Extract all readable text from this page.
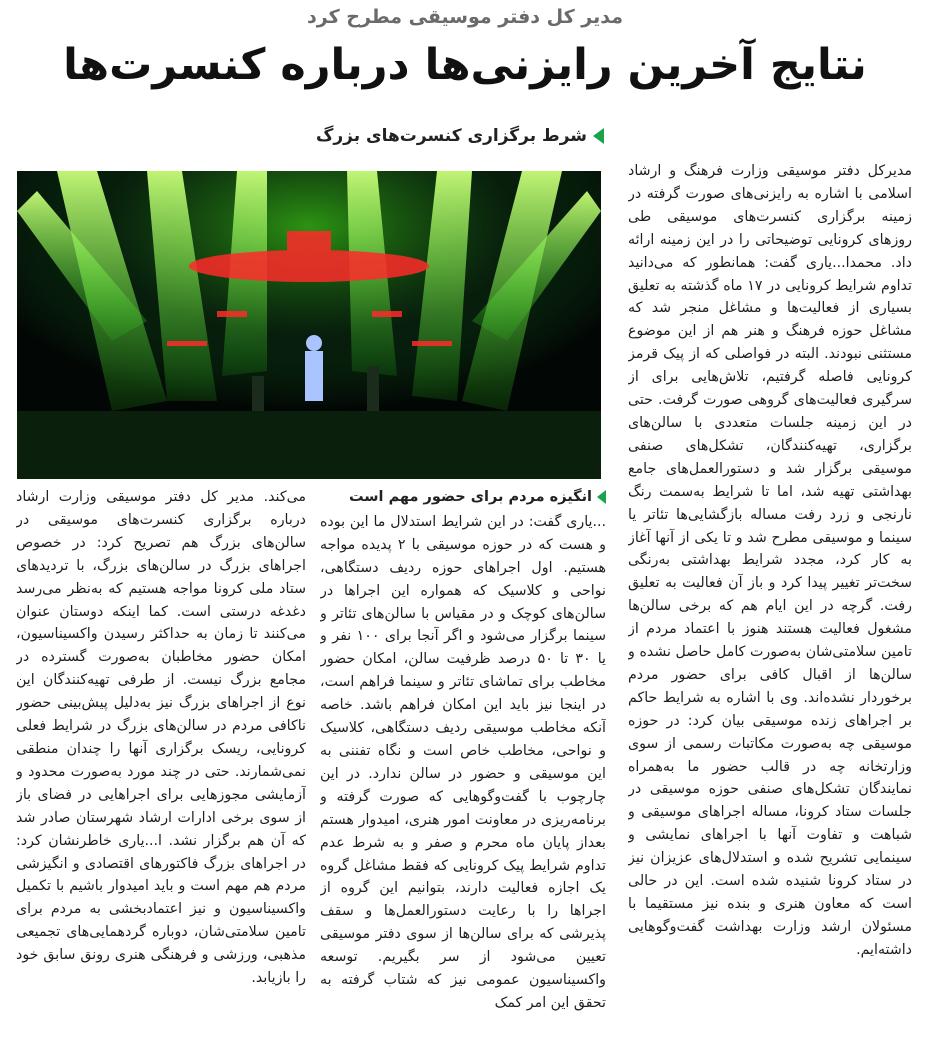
مدیر کل دفتر موسیقی مطرح کرد
نتایج آخرین رایزنی‌ها درباره کنسرت‌ها
شرط برگزاری کنسرت‌های بزرگ

مدیرکل دفتر موسیقی وزارت فرهنگ و ارشاد اسلامی با اشاره به رایزنی‌های صورت گرفته در زمینه برگزاری کنسرت‌های موسیقی طی روزهای کرونایی توضیحاتی را در این زمینه ارائه داد. محمدا...یاری گفت: همانطور که می‌دانید تداوم شرایط کرونایی در ۱۷ ماه گذشته به تعلیق بسیاری از فعالیت‌ها و مشاغل منجر شد که مشاغل حوزه فرهنگ و هنر هم از این موضوع مستثنی نبودند. البته در فواصلی که از پیک قرمز کرونایی فاصله گرفتیم، تلاش‌هایی برای از سرگیری فعالیت‌های گروهی صورت گرفت. حتی در این زمینه جلسات متعددی با سالن‌های برگزاری، تهیه‌کنندگان، تشکل‌های صنفی موسیقی برگزار شد و دستورالعمل‌های جامع بهداشتی تهیه شد، اما تا شرایط به‌سمت رنگ نارنجی و زرد رفت مساله بازگشایی‌ها تئاتر یا سینما و موسیقی مطرح شد و تا یکی از آنها آغاز به کار کرد، مجدد شرایط بهداشتی به‌رنگی سخت‌تر تغییر پیدا کرد و باز آن فعالیت به تعلیق رفت. گرچه در این ایام هم که برخی سالن‌ها مشغول فعالیت هستند هنوز با اعتماد مردم از تامین سلامتی‌شان به‌صورت کامل حاصل نشده و سالن‌ها از اقبال کافی برای حضور مردم برخوردار نشده‌اند. وی با اشاره به شرایط حاکم بر اجراهای زنده موسیقی بیان کرد: در حوزه موسیقی چه به‌صورت مکاتبات رسمی از سوی وزارتخانه چه در قالب حضور ما به‌همراه نمایندگان تشکل‌های صنفی حوزه موسیقی در جلسات ستاد کرونا، مساله اجراهای موسیقی و شباهت و تفاوت آنها با اجراهای نمایشی و سینمایی تشریح شده و استدلال‌های عزیزان نیز در ستاد کرونا شنیده شده است. این در حالی است که معاون هنری و بنده نیز مستقیما با مسئولان ارشد وزارت بهداشت گفت‌وگوهایی داشته‌ایم.

انگیزه مردم برای حضور مهم است

...یاری گفت: در این شرایط استدلال ما این بوده و هست که در حوزه موسیقی با ۲ پدیده مواجه هستیم. اول اجراهای حوزه ردیف دستگاهی، نواحی و کلاسیک که همواره این اجراها در سالن‌های کوچک و در مقیاس با سالن‌های تئاتر و سینما برگزار می‌شود و اگر آنجا برای ۱۰۰ نفر و یا ۳۰ تا ۵۰ درصد ظرفیت سالن، امکان حضور مخاطب برای تماشای تئاتر و سینما فراهم است، در اینجا نیز باید این امکان فراهم باشد. خاصه آنکه مخاطب موسیقی ردیف دستگاهی، کلاسیک و نواحی، مخاطب خاص است و نگاه تفننی به این موسیقی و حضور در سالن ندارد. در این چارچوب با گفت‌وگوهایی که صورت گرفته و برنامه‌ریزی در معاونت امور هنری، امیدوار هستم بعداز پایان ماه محرم و صفر و به شرط عدم تداوم شرایط پیک کرونایی که فقط مشاغل گروه یک اجازه فعالیت دارند، بتوانیم این گروه از اجراها را با رعایت دستورالعمل‌ها و سقف پذیرشی که برای سالن‌ها از سوی دفتر موسیقی تعیین می‌شود از سر بگیریم. توسعه واکسیناسیون عمومی نیز که شتاب گرفته به تحقق این امر کمک

می‌کند. مدیر کل دفتر موسیقی وزارت ارشاد درباره برگزاری کنسرت‌های موسیقی در سالن‌های بزرگ هم تصریح کرد: در خصوص اجراهای بزرگ در سالن‌های بزرگ، با تردیدهای ستاد ملی کرونا مواجه هستیم که به‌نظر می‌رسد دغدغه درستی است. کما اینکه دوستان عنوان می‌کنند تا زمان به حداکثر رسیدن واکسیناسیون، امکان حضور مخاطبان به‌صورت گسترده در مجامع بزرگ نیست. از طرفی تهیه‌کنندگان این نوع از اجراهای بزرگ نیز به‌دلیل پیش‌بینی حضور ناکافی مردم در سالن‌های بزرگ در شرایط فعلی کرونایی، ریسک برگزاری آنها را چندان منطقی نمی‌شمارند. حتی در چند مورد به‌صورت محدود و آزمایشی مجوزهایی برای اجراهایی در فضای باز از سوی برخی ادارات ارشاد شهرستان صادر شد که آن هم برگزار نشد. ا...یاری خاطرنشان کرد: در اجراهای بزرگ فاکتورهای اقتصادی و انگیزشی مردم هم مهم است و باید امیدوار باشیم با تکمیل واکسیناسیون و نیز اعتمادبخشی به مردم برای تامین سلامتی‌شان، دوباره گردهمایی‌های تجمیعی مذهبی، ورزشی و فرهنگی هنری رونق سابق خود را بازیابد.
